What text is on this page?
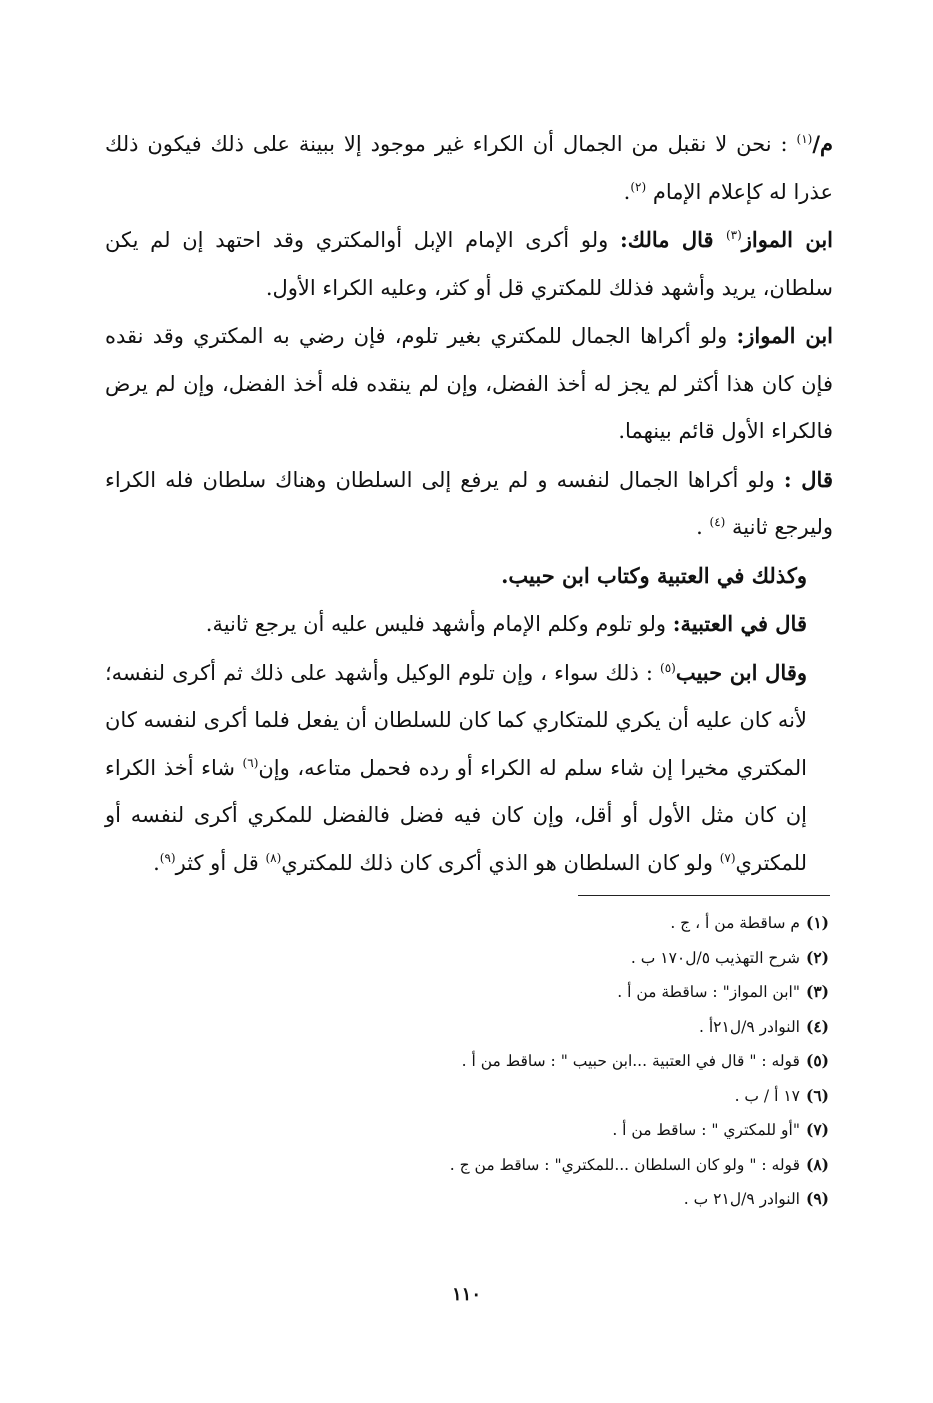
م/$^{(١)}$ : نحن لا نقبل من الجمال أن الكراء غير موجود إلا ببينة على ذلك فيكون ذلك عذرا له كإعلام الإمام $^{(٢)}$.

ابن المواز$^{(٣)}$ قال مالك: ولو أكرى الإمام الإبل أوالمكتري وقد احتهد إن لم يكن سلطان، يريد وأشهد فذلك للمكتري قل أو كثر، وعليه الكراء الأول.

ابن المواز: ولو أكراها الجمال للمكتري بغير تلوم، فإن رضي به المكتري وقد نقده فإن كان هذا أكثر لم يجز له أخذ الفضل، وإن لم ينقده فله أخذ الفضل، وإن لم يرض فالكراء الأول قائم بينهما.

قال : ولو أكراها الجمال لنفسه و لم يرفع إلى السلطان وهناك سلطان فله الكراء وليرجع ثانية $^{(٤)}$ .

وكذلك في العتبية وكتاب ابن حبيب.

قال في العتبية: ولو تلوم وكلم الإمام وأشهد فليس عليه أن يرجع ثانية.

وقال ابن حبيب$^{(٥)}$ : ذلك سواء ، وإن تلوم الوكيل وأشهد على ذلك ثم أكرى لنفسه؛ لأنه كان عليه أن يكري للمتكاري كما كان للسلطان أن يفعل فلما أكرى لنفسه كان المكتري مخيرا إن شاء سلم له الكراء أو رده فحمل متاعه، وإن$^{(٦)}$ شاء أخذ الكراء إن كان مثل الأول أو أقل، وإن كان فيه فضل فالفضل للمكري أكرى لنفسه أو للمكتري$^{(٧)}$ ولو كان السلطان هو الذي أكرى كان ذلك للمكتري$^{(٨)}$ قل أو كثر$^{(٩)}$.

(١)م ساقطة من أ ، ج .

(٢)شرح التهذيب ٥/ل١٧٠ ب .

(٣)"ابن المواز" : ساقطة من أ .

(٤)النوادر ٩/ل٢١أ .

(٥)قوله : " قال في العتبية ...ابن حبيب " : ساقط من أ .

(٦)١٧ أ / ب .

(٧)"أو للمكتري " : ساقط من أ .

(٨)قوله : " ولو كان السلطان ...للمكتري" : ساقط من ج .

(٩)النوادر ٩/ل٢١ ب .

١١٠
